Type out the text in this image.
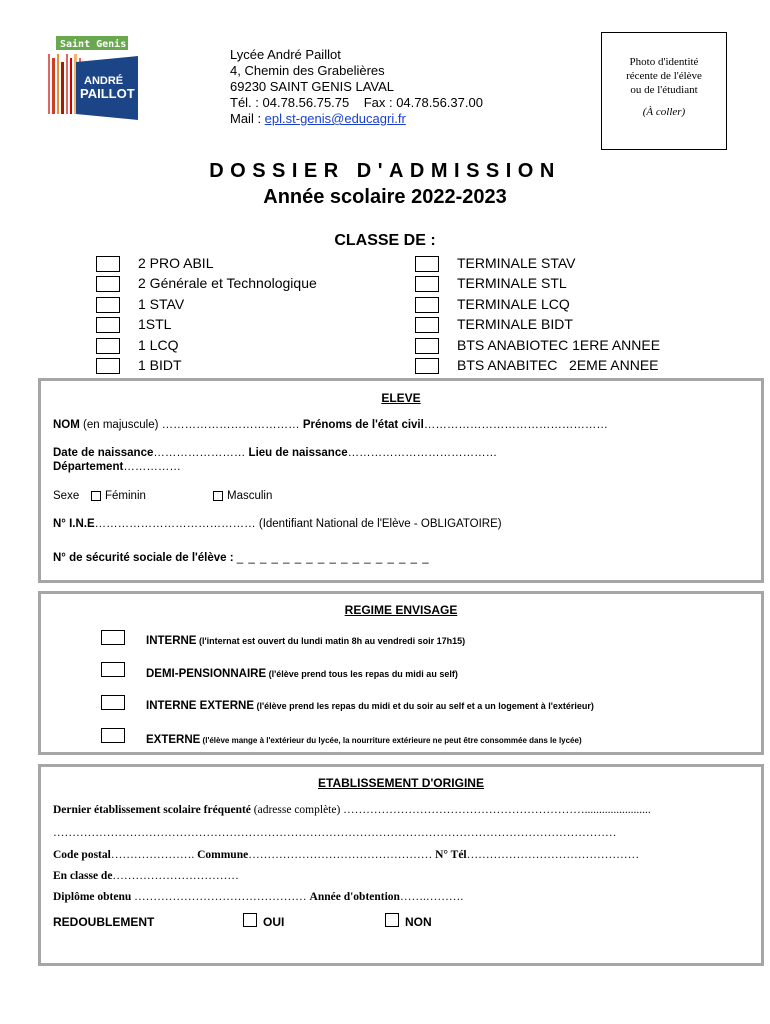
Saint Genis Laval
ANDRÉ
PAILLOT
Lycée André Paillot
4, Chemin des Grabelières
69230 SAINT GENIS LAVAL
Tél. : 04.78.56.75.75    Fax : 04.78.56.37.00
Mail : epl.st-genis@educagri.fr
Photo d'identité
récente de l'élève
ou de l'étudiant
(À coller)
DOSSIER D'ADMISSION
Année scolaire 2022-2023
CLASSE DE :
2 PRO ABIL
2 Générale et Technologique
1 STAV
1STL
1 LCQ
1 BIDT
TERMINALE STAV
TERMINALE STL
TERMINALE LCQ
TERMINALE BIDT
BTS ANABIOTEC 1ERE ANNEE
BTS ANABITEC   2EME ANNEE
ELEVE
NOM (en majuscule) ……………………………… Prénoms de l'état civil…………………………………………
Date de naissance…………………… Lieu de naissance…………………………………
Département……………
Sexe	Féminin	Masculin
N° I.N.E…………………………………… (Identifiant National de l'Elève - OBLIGATOIRE)
N° de sécurité sociale de l'élève : _ _ _ _ _ _ _ _ _ _ _ _ _ _ _ _ _
REGIME ENVISAGE
INTERNE (l'internat est ouvert du lundi matin 8h au vendredi soir 17h15)
DEMI-PENSIONNAIRE (l'élève prend tous les repas du midi au self)
INTERNE EXTERNE (l'élève prend les repas du midi et du soir au self et a un logement à l'extérieur)
EXTERNE (l'élève mange à l'extérieur du lycée, la nourriture extérieure ne peut être consommée dans le lycée)
ETABLISSEMENT D'ORIGINE
Dernier établissement scolaire fréquenté (adresse complète) ……………………………………………………….......................
…………………………………………………………………………………………………………………………………
Code postal…………………. Commune………………………………………… N° Tél………………………………………
En classe de……………………………
Diplôme obtenu ……………………………………… Année d'obtention…….……….
REDOUBLEMENT	OUI	NON
